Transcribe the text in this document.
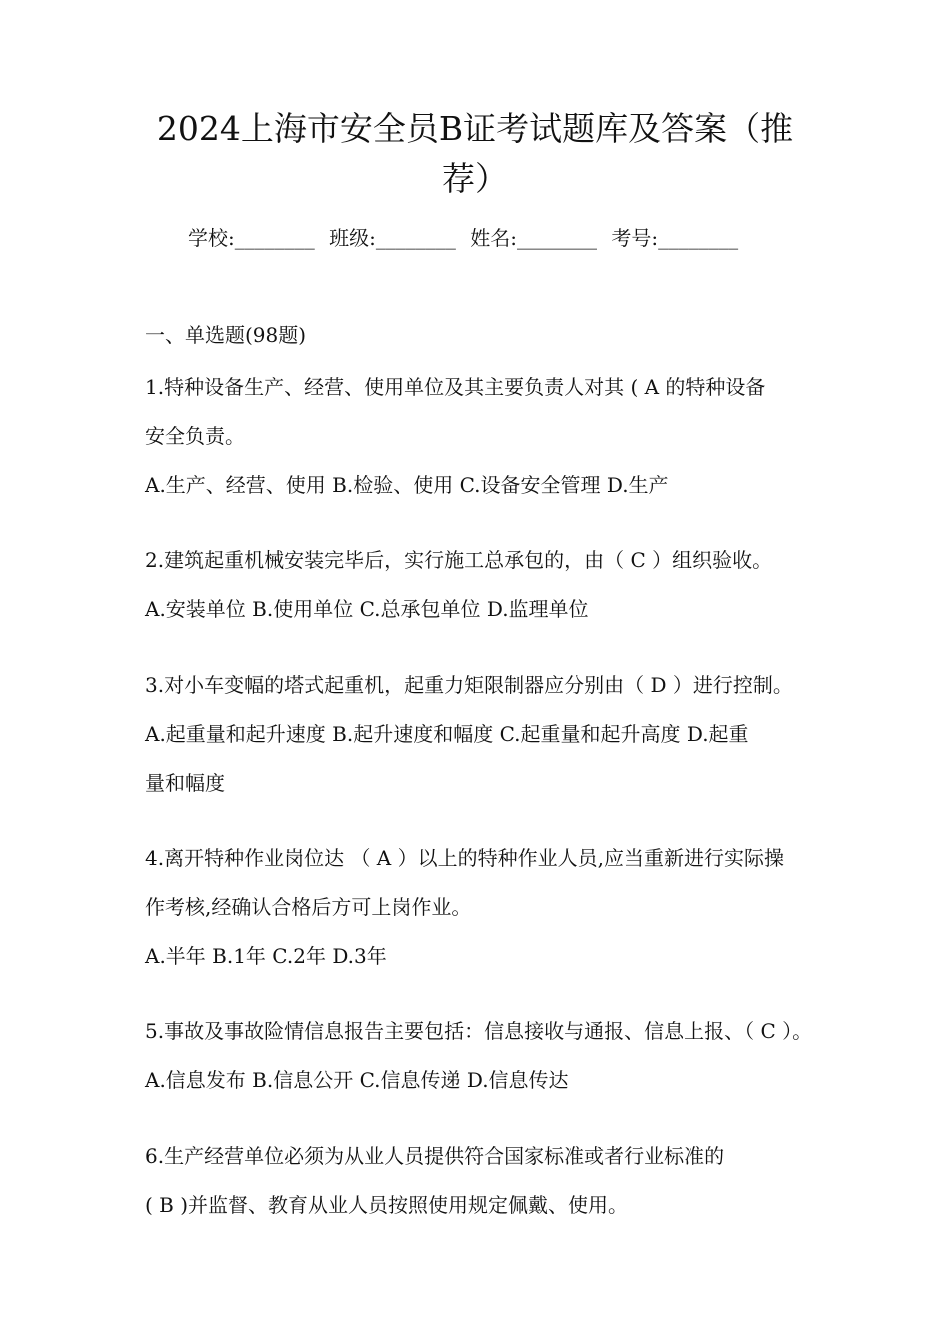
2024上海市安全员B证考试题库及答案（推
荐）
学校:________ 班级:________ 姓名:________ 考号:________
一、单选题(98题)
1.特种设备生产、经营、使用单位及其主要负责人对其 ( A 的特种设备
安全负责。
A.生产、经营、使用 B.检验、使用 C.设备安全管理 D.生产
2.建筑起重机械安装完毕后，实行施工总承包的，由（ C ）组织验收。
A.安装单位 B.使用单位 C.总承包单位 D.监理单位
3.对小车变幅的塔式起重机，起重力矩限制器应分别由（ D ）进行控制。
A.起重量和起升速度 B.起升速度和幅度 C.起重量和起升高度 D.起重
量和幅度
4.离开特种作业岗位达 （ A ）以上的特种作业人员,应当重新进行实际操
作考核,经确认合格后方可上岗作业。
A.半年 B.1年 C.2年 D.3年
5.事故及事故险情信息报告主要包括：信息接收与通报、信息上报、（ C ）。
A.信息发布 B.信息公开 C.信息传递 D.信息传达
6.生产经营单位必须为从业人员提供符合国家标准或者行业标准的
( B )并监督、教育从业人员按照使用规定佩戴、使用。
